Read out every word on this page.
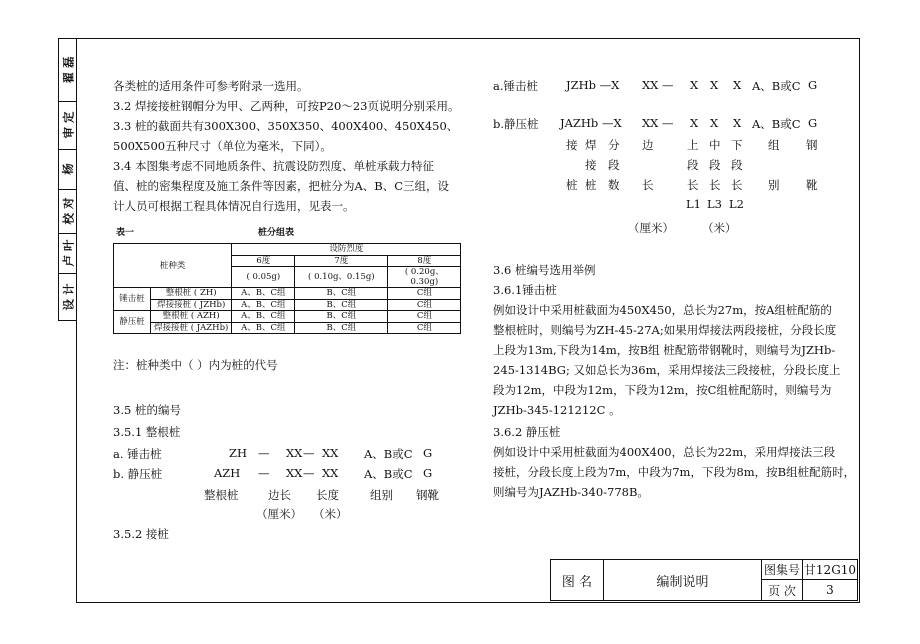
设 计
卢 叶
校 对
杨
审 定
翟 磊
各类桩的适用条件可参考附录一选用。
3.2 焊接接桩钢帽分为甲、乙两种，可按P20～23页说明分别采用。
3.3 桩的截面共有300X300、350X350、400X400、450X450、
500X500五种尺寸（单位为毫米，下同）。
3.4 本图集考虑不同地质条件、抗震设防烈度、单桩承载力特征
值、桩的密集程度及施工条件等因素，把桩分为A、B、C三组，设
计人员可根据工程具体情况自行选用，见表一。
表一	桩分组表
桩种类		设防烈度		
		6度	7度	8度
		( 0.05g)	( 0.10g、0.15g)	( 0.20g、0.30g)
锤击桩	整根桩 ( ZH)	A、B、C组	B、C组	C组
	焊接接桩 ( JZHb)	A、B、C组	B、C组	C组
静压桩	整根桩 ( AZH)	A、B、C组	B、C组	C组
	焊接接桩 ( JAZHb)	A、B、C组	B、C组	C组
注：桩种类中（ ）内为桩的代号
3.5 桩的编号
3.5.1 整根桩
a. 锤击桩	ZH — XX — XX A、B或C G
b. 静压桩	AZH — XX — XX A、B或C G
整根桩	边长 长度	组别 钢靴
（厘米） （米）
3.5.2 接桩
a.锤击桩 JZHb —X XX — X X X A、B或C G
b.静压桩 JAZHb —X XX — X X X A、B或C G
接
桩
焊
接
桩
分
段
数
边
长
上
段
长
L1
中
段
长
L3
下
段
长
L2
组
别
钢
靴
（厘米） （米）
3.6 桩编号选用举例
3.6.1锤击桩
例如设计中采用桩截面为450X450，总长为27m，按A组桩配筋的
整根桩时，则编号为ZH-45-27A;如果用焊接法两段接桩，分段长度
上段为13m,下段为14m，按B组 桩配筋带钢靴时，则编号为JZHb-
245-1314BG; 又如总长为36m，采用焊接法三段接桩，分段长度上
段为12m，中段为12m，下段为12m，按C组桩配筋时，则编号为
JZHb-345-121212C 。
3.6.2 静压桩
例如设计中采用桩截面为400X400，总长为22m，采用焊接法三段
接桩，分段长度上段为7m，中段为7m，下段为8m，按B组桩配筋时，
则编号为JAZHb-340-778B。
图 名	编制说明
图集号 甘12G10
页 次	3
